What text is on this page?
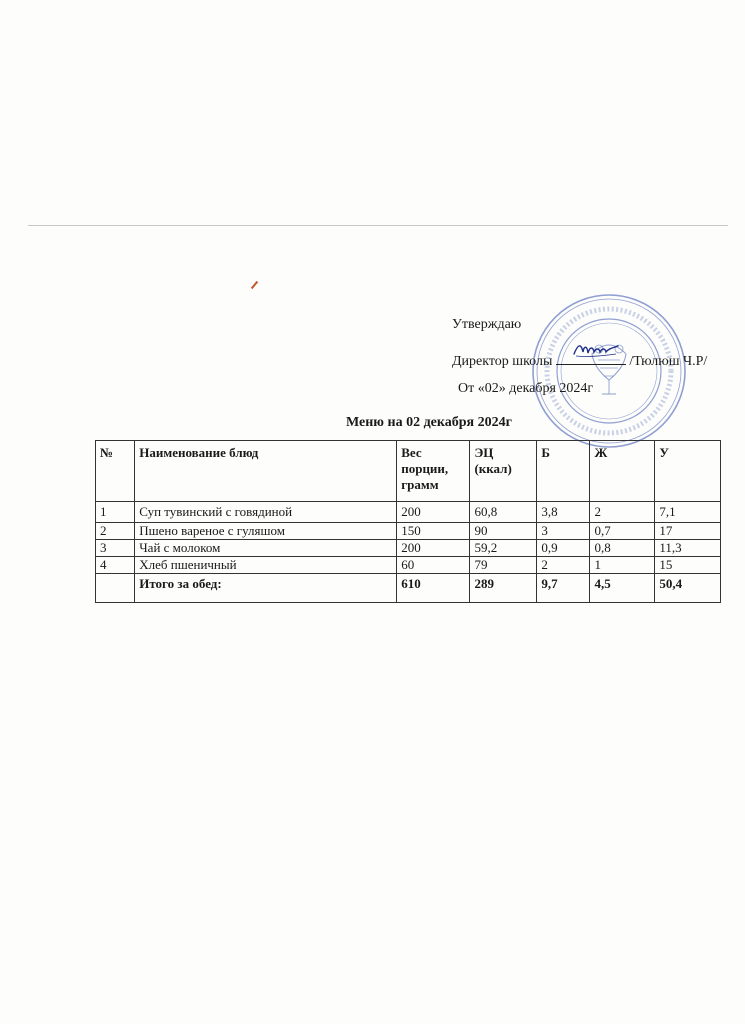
Утверждаю
Директор школы	/Тюлюш Ч.Р/
От «02» декабря 2024г
Меню на 02 декабря 2024г
№	Наименование блюд	Вес порции, грамм	ЭЦ (ккал)	Б	Ж	У
1	Суп тувинский с говядиной	200	60,8	3,8	2	7,1
2	Пшено вареное с гуляшом	150	90	3	0,7	17
3	Чай с молоком	200	59,2	0,9	0,8	11,3
4	Хлеб пшеничный	60	79	2	1	15
	Итого за обед:	610	289	9,7	4,5	50,4
